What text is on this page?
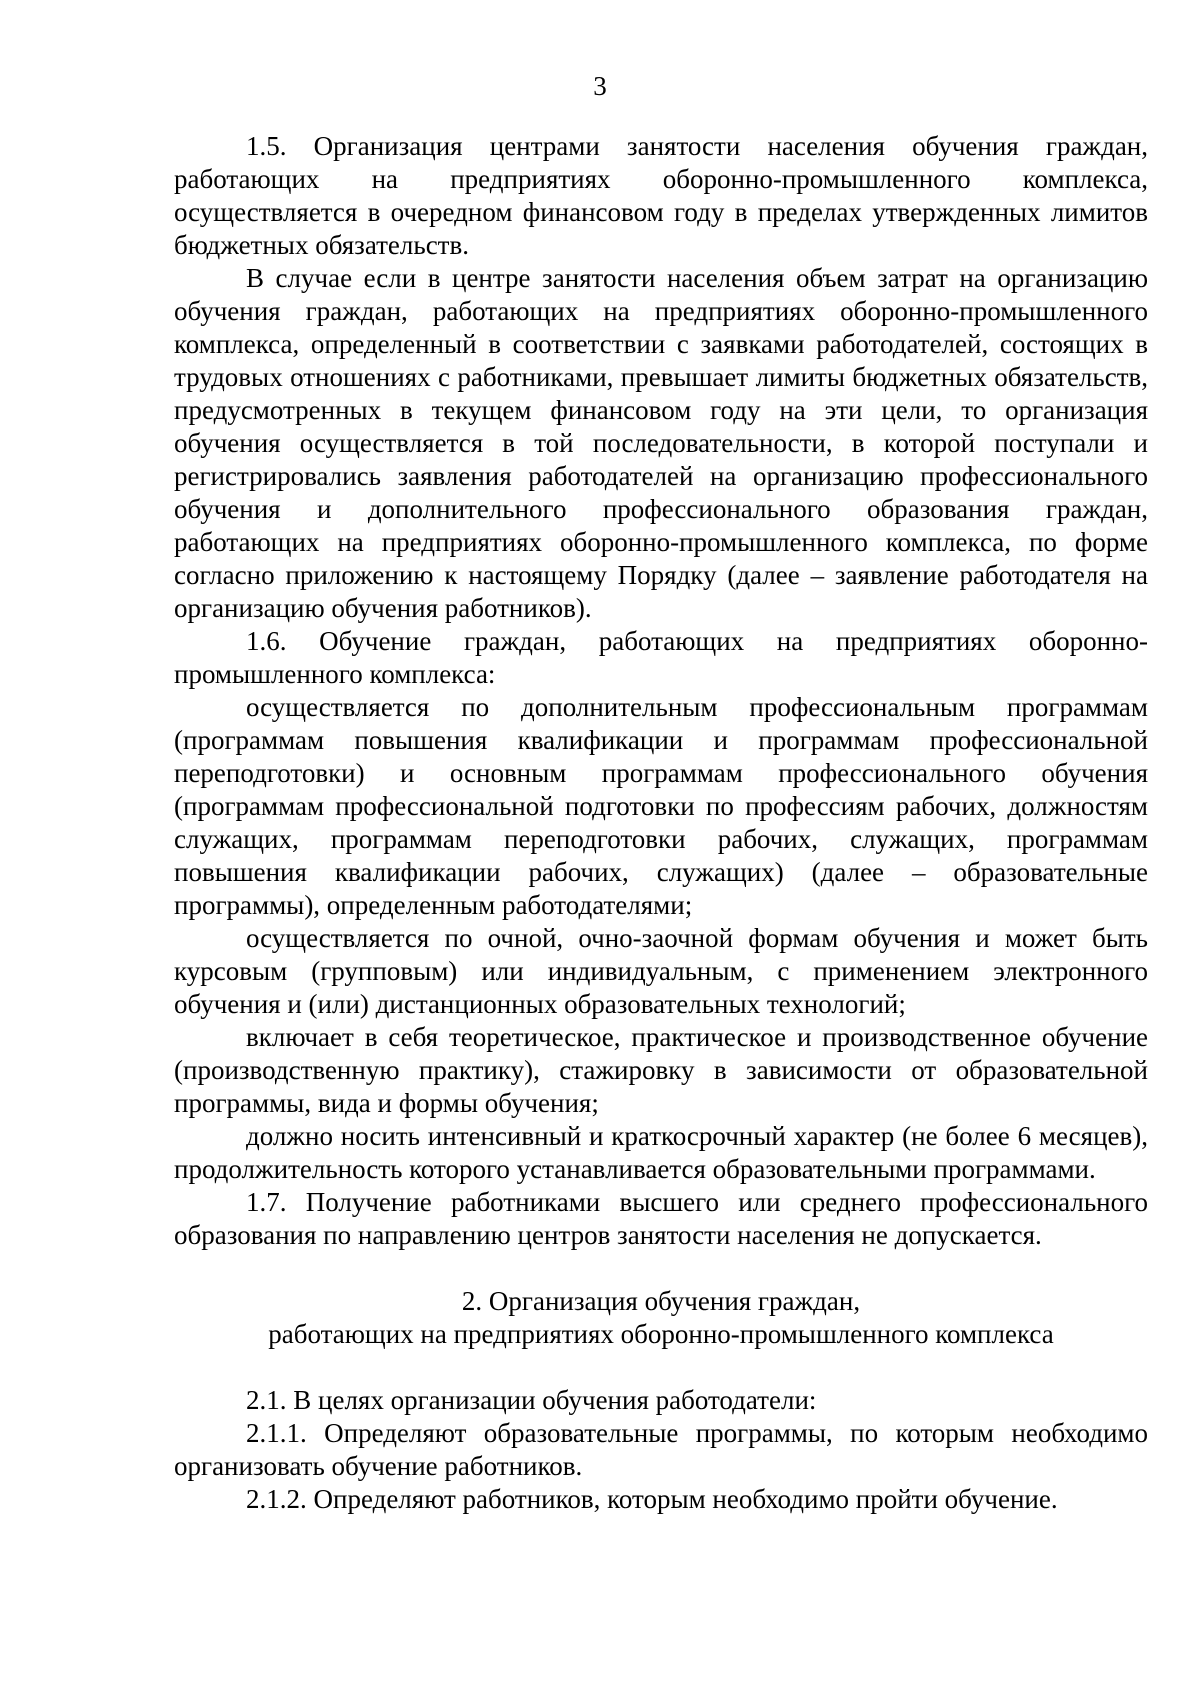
3

1.5. Организация центрами занятости населения обучения граждан, работающих на предприятиях оборонно-промышленного комплекса, осуществляется в очередном финансовом году в пределах утвержденных лимитов бюджетных обязательств.

В случае если в центре занятости населения объем затрат на организацию обучения граждан, работающих на предприятиях оборонно-промышленного комплекса, определенный в соответствии с заявками работодателей, состоящих в трудовых отношениях с работниками, превышает лимиты бюджетных обязательств, предусмотренных в текущем финансовом году на эти цели, то организация обучения осуществляется в той последовательности, в которой поступали и регистрировались заявления работодателей на организацию профессионального обучения и дополнительного профессионального образования граждан, работающих на предприятиях оборонно-промышленного комплекса, по форме согласно приложению к настоящему Порядку (далее – заявление работодателя на организацию обучения работников).

1.6. Обучение граждан, работающих на предприятиях оборонно-промышленного комплекса:

осуществляется по дополнительным профессиональным программам (программам повышения квалификации и программам профессиональной переподготовки) и основным программам профессионального обучения (программам профессиональной подготовки по профессиям рабочих, должностям служащих, программам переподготовки рабочих, служащих, программам повышения квалификации рабочих, служащих) (далее – образовательные программы), определенным работодателями;

осуществляется по очной, очно-заочной формам обучения и может быть курсовым (групповым) или индивидуальным, с применением электронного обучения и (или) дистанционных образовательных технологий;

включает в себя теоретическое, практическое и производственное обучение (производственную практику), стажировку в зависимости от образовательной программы, вида и формы обучения;

должно носить интенсивный и краткосрочный характер (не более 6 месяцев), продолжительность которого устанавливается образовательными программами.

1.7. Получение работниками высшего или среднего профессионального образования по направлению центров занятости населения не допускается.

2. Организация обучения граждан,
работающих на предприятиях оборонно-промышленного комплекса

2.1. В целях организации обучения работодатели:

2.1.1. Определяют образовательные программы, по которым необходимо организовать обучение работников.

2.1.2. Определяют работников, которым необходимо пройти обучение.
